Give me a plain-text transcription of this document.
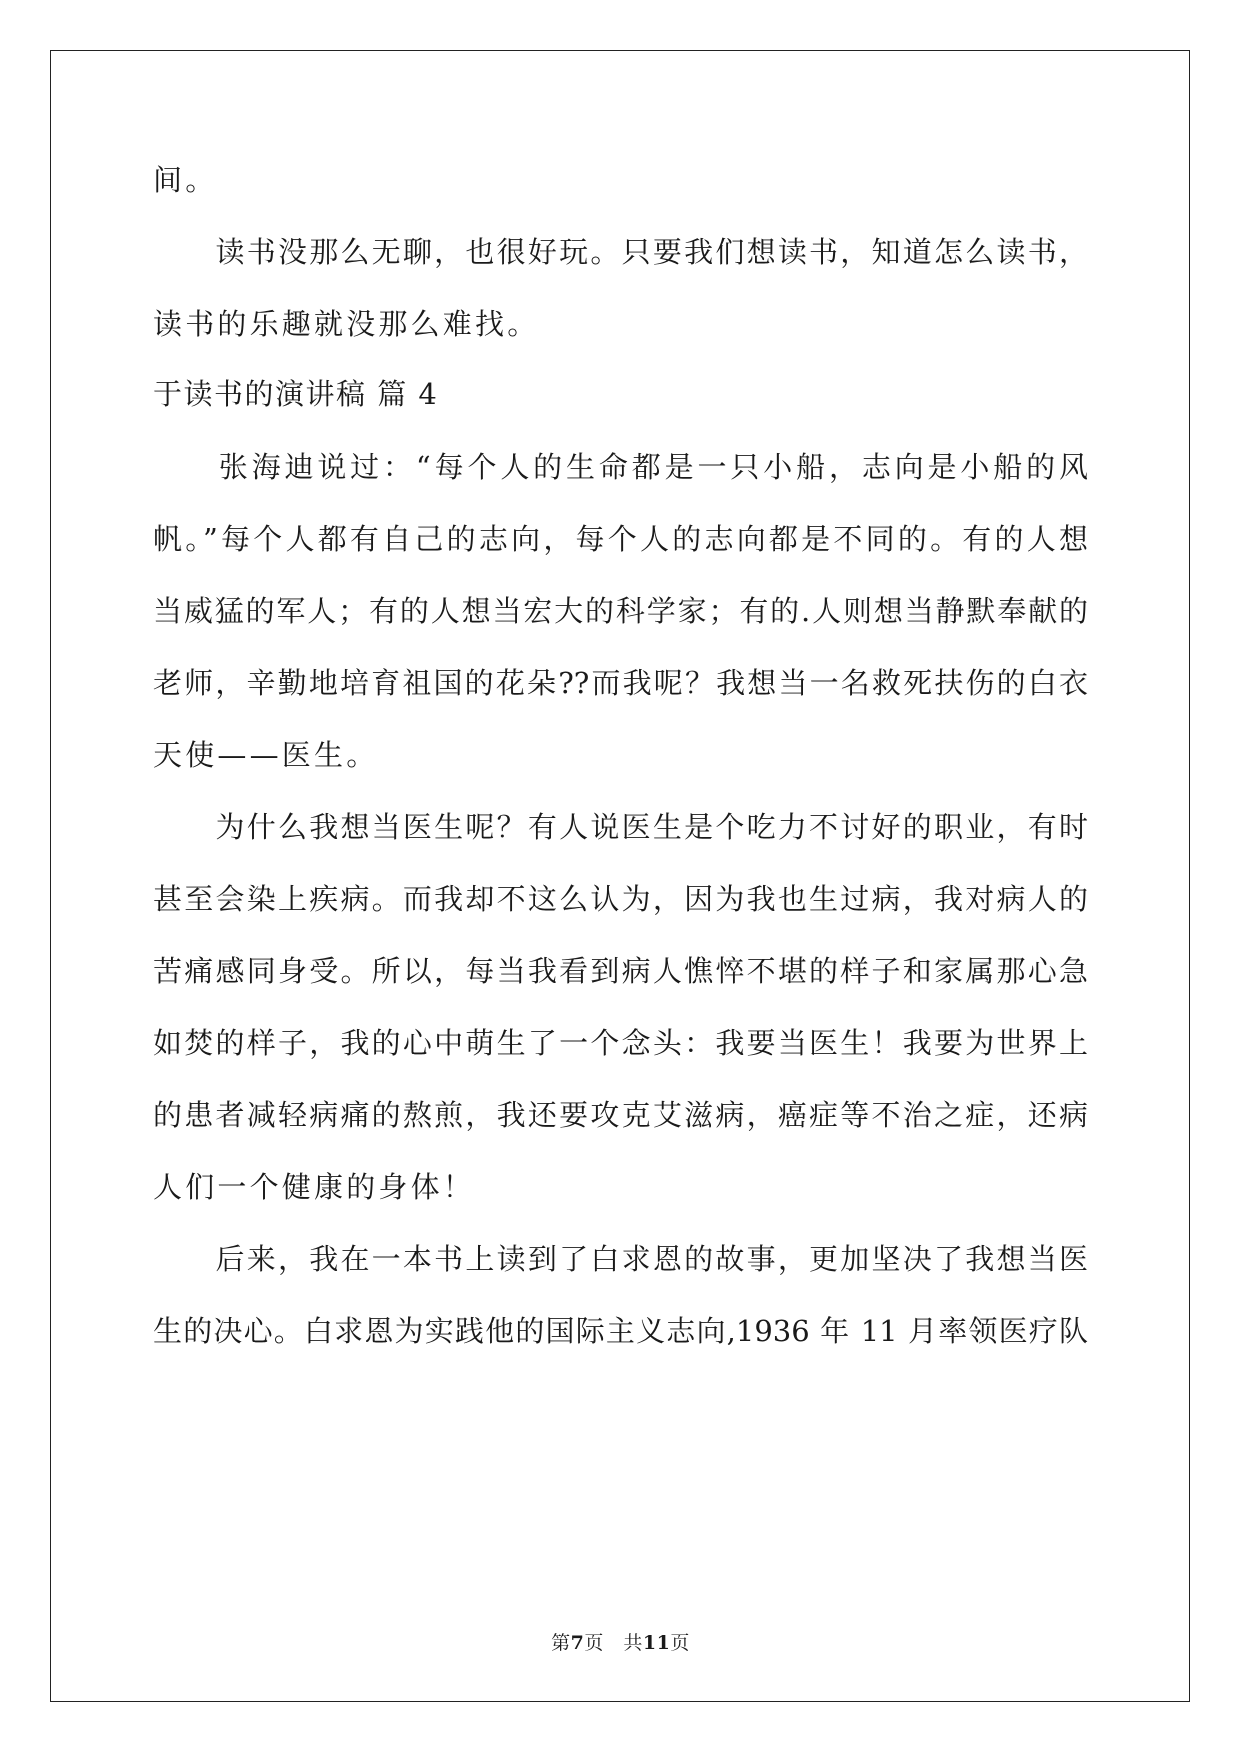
间。
　　读书没那么无聊，也很好玩。只要我们想读书，知道怎么读书，
读书的乐趣就没那么难找。
于读书的演讲稿 篇 4
　　张海迪说过：“每个人的生命都是一只小船，志向是小船的风
帆。”每个人都有自己的志向，每个人的志向都是不同的。有的人想
当威猛的军人；有的人想当宏大的科学家；有的.人则想当静默奉献的
老师，辛勤地培育祖国的花朵??而我呢？我想当一名救死扶伤的白衣
天使——医生。
　　为什么我想当医生呢？有人说医生是个吃力不讨好的职业，有时
甚至会染上疾病。而我却不这么认为，因为我也生过病，我对病人的
苦痛感同身受。所以，每当我看到病人憔悴不堪的样子和家属那心急
如焚的样子，我的心中萌生了一个念头：我要当医生！我要为世界上
的患者减轻病痛的熬煎，我还要攻克艾滋病，癌症等不治之症，还病
人们一个健康的身体！
　　后来，我在一本书上读到了白求恩的故事，更加坚决了我想当医
生的决心。白求恩为实践他的国际主义志向,1936 年 11 月率领医疗队
第7页　共11页
